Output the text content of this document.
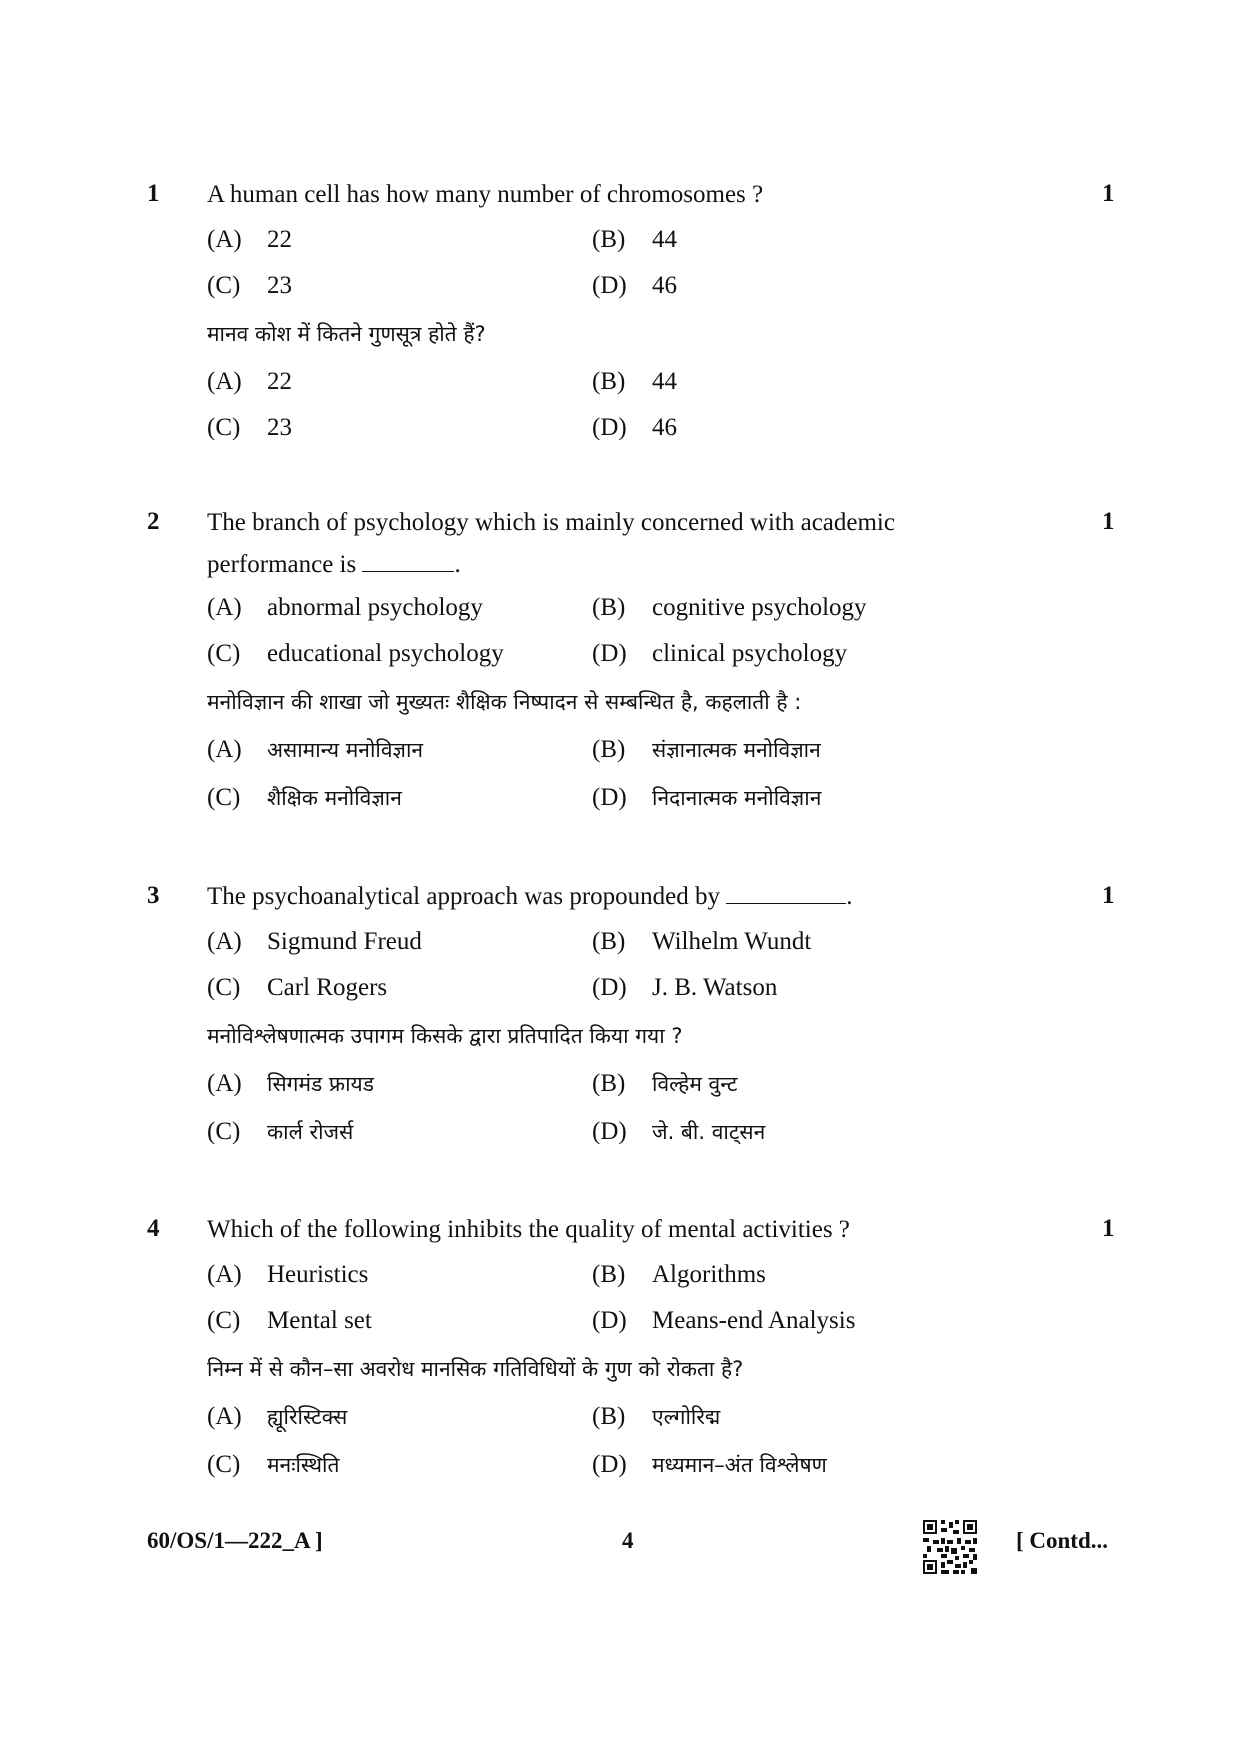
1 A human cell has how many number of chromosomes ?	1
(A) 22	(B) 44
(C) 23	(D) 46
मानव कोश में कितने गुणसूत्र होते हैं?
(A) 22	(B) 44
(C) 23	(D) 46
2 The branch of psychology which is mainly concerned with academic
performance is	.
1
(A) abnormal psychology	(B) cognitive psychology
(C) educational psychology	(D) clinical psychology
मनोविज्ञान की शाखा जो मुख्यतः शैक्षिक निष्पादन से सम्बन्धित है, कहलाती है :
(A) असामान्य मनोविज्ञान	(B) संज्ञानात्मक मनोविज्ञान
(C) शैक्षिक मनोविज्ञान	(D) निदानात्मक मनोविज्ञान
3 The psychoanalytical approach was propounded by	.	1
(A) Sigmund Freud	(B) Wilhelm Wundt
(C) Carl Rogers	(D) J. B. Watson
मनोविश्लेषणात्मक उपागम किसके द्वारा प्रतिपादित किया गया ?
(A) सिगमंड फ्रायड	(B) विल्हेम वुन्ट
(C) कार्ल रोजर्स	(D) जे. बी. वाट्सन
4 Which of the following inhibits the quality of mental activities ?	1
(A) Heuristics	(B) Algorithms
(C) Mental set	(D) Means-end Analysis
निम्न में से कौन–सा अवरोध मानसिक गतिविधियों के गुण को रोकता है?
(A) ह्यूरिस्टिक्स	(B) एल्गोरिद्म
(C) मनःस्थिति	(D) मध्यमान–अंत विश्लेषण
60/OS/1—222_A ]	4	[ Contd...
